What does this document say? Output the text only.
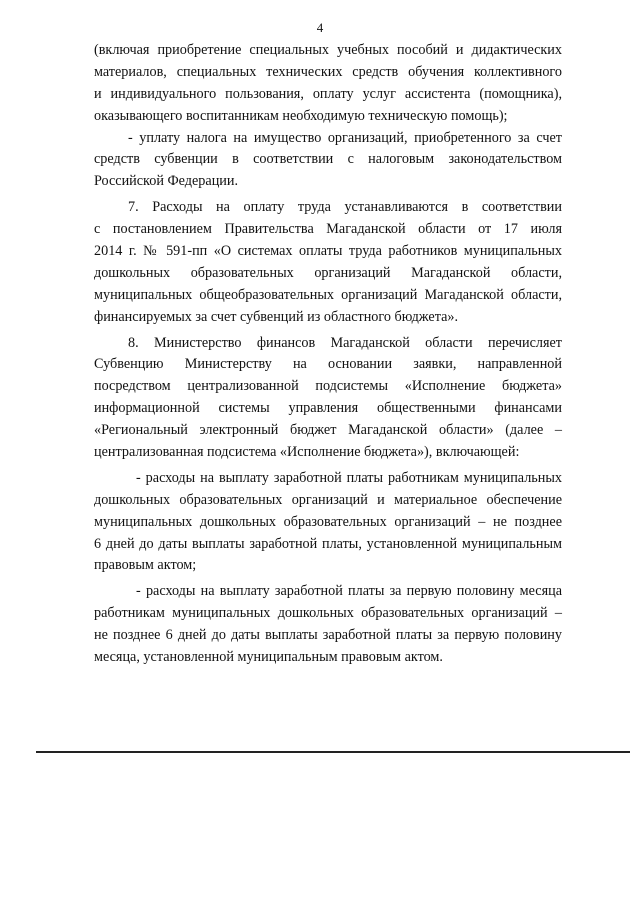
4
(включая приобретение специальных учебных пособий и дидактических
материалов, специальных технических средств обучения коллективного
и индивидуального пользования, оплату услуг ассистента (помощника),
оказывающего воспитанникам необходимую техническую помощь);
- уплату налога на имущество организаций, приобретенного за счет
средств субвенции в соответствии с налоговым законодательством
Российской Федерации.
7. Расходы на оплату труда устанавливаются в соответствии
с постановлением Правительства Магаданской области от 17 июля
2014 г. № 591-пп «О системах оплаты труда работников муниципальных
дошкольных образовательных организаций Магаданской области,
муниципальных общеобразовательных организаций Магаданской области,
финансируемых за счет субвенций из областного бюджета».
8. Министерство финансов Магаданской области перечисляет
Субвенцию Министерству на основании заявки, направленной
посредством централизованной подсистемы «Исполнение бюджета»
информационной системы управления общественными финансами
«Региональный электронный бюджет Магаданской области» (далее –
централизованная подсистема «Исполнение бюджета»), включающей:
- расходы на выплату заработной платы работникам муниципальных
дошкольных образовательных организаций и материальное обеспечение
муниципальных дошкольных образовательных организаций – не позднее
6 дней до даты выплаты заработной платы, установленной муниципальным
правовым актом;
- расходы на выплату заработной платы за первую половину месяца
работникам муниципальных дошкольных образовательных организаций –
не позднее 6 дней до даты выплаты заработной платы за первую половину
месяца, установленной муниципальным правовым актом.
